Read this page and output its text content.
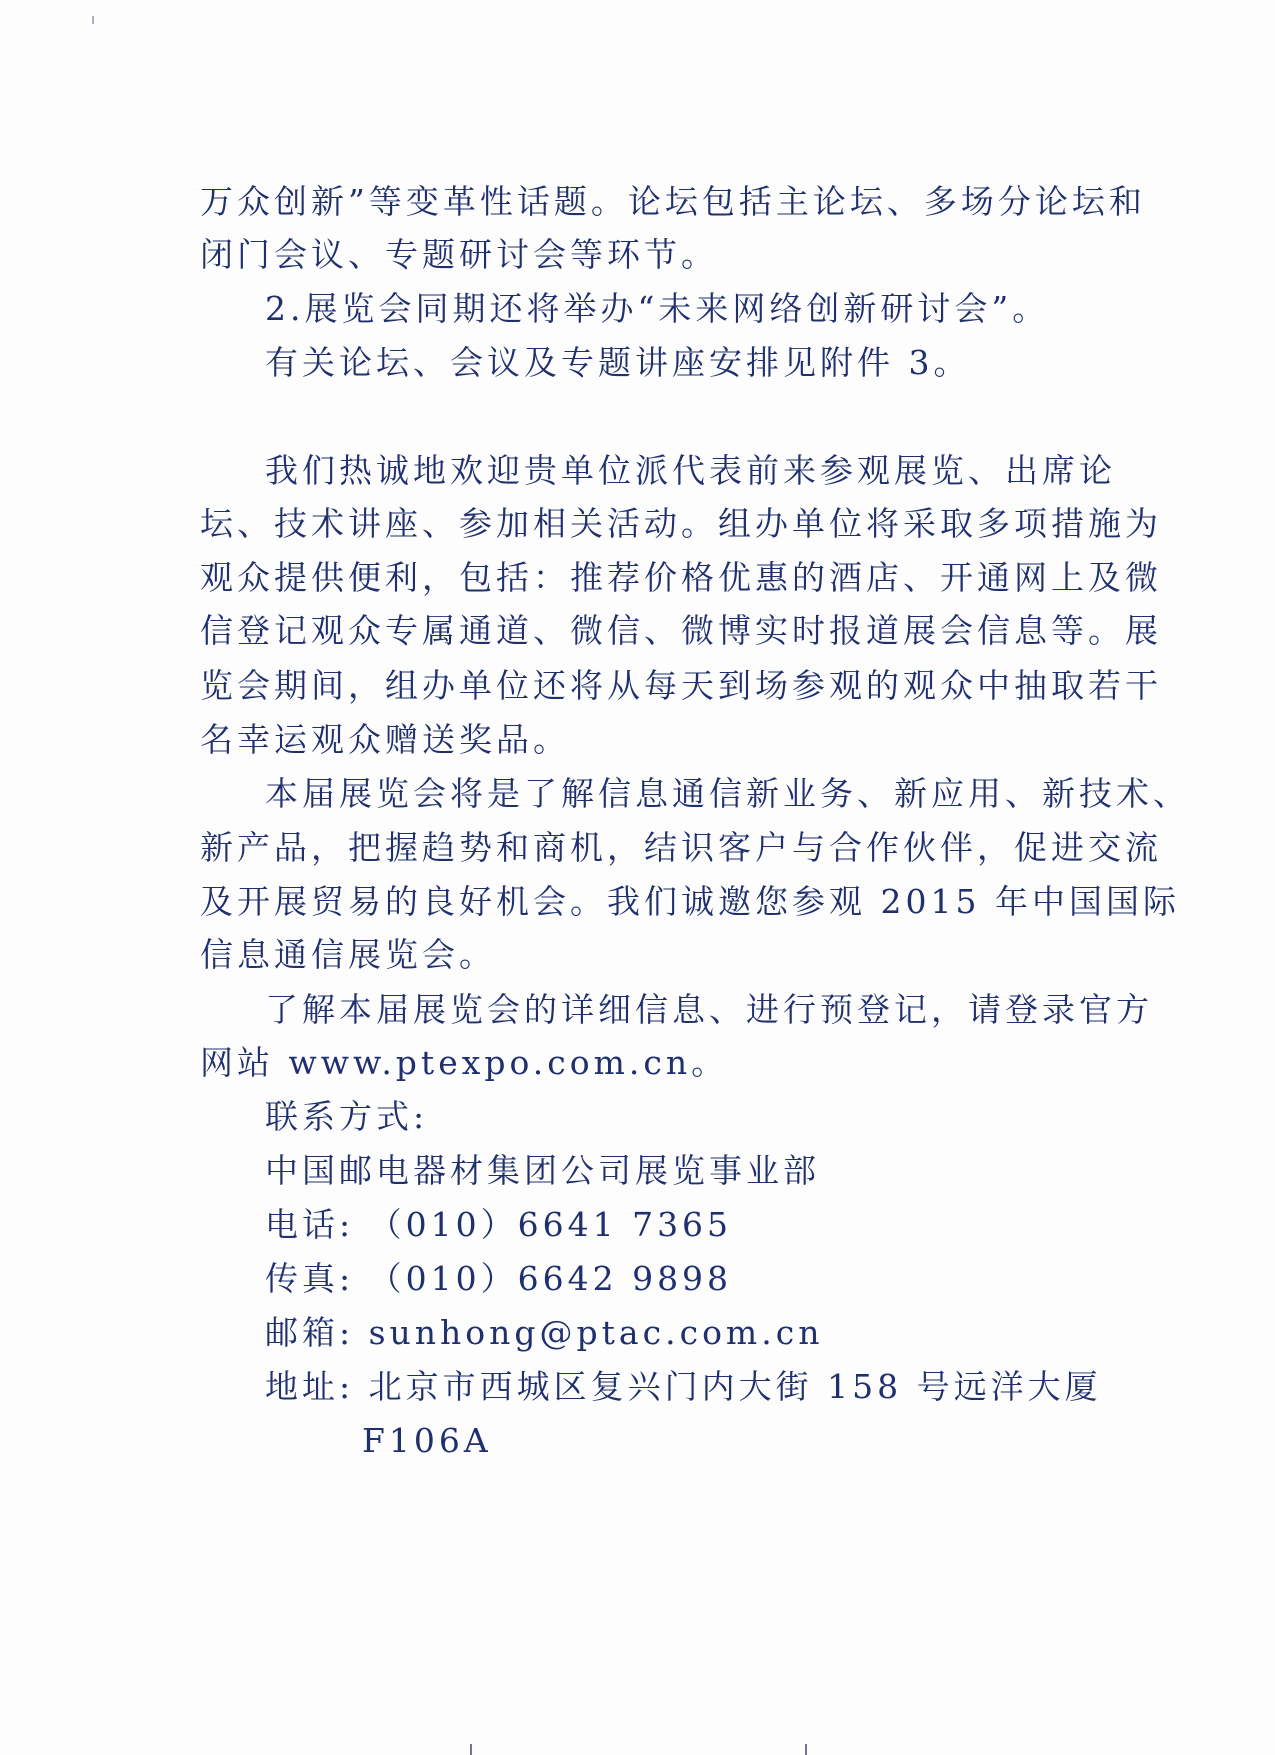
万众创新”等变革性话题。论坛包括主论坛、多场分论坛和
闭门会议、专题研讨会等环节。
2.展览会同期还将举办“未来网络创新研讨会”。
有关论坛、会议及专题讲座安排见附件 3。
我们热诚地欢迎贵单位派代表前来参观展览、出席论
坛、技术讲座、参加相关活动。组办单位将采取多项措施为
观众提供便利，包括：推荐价格优惠的酒店、开通网上及微
信登记观众专属通道、微信、微博实时报道展会信息等。展
览会期间，组办单位还将从每天到场参观的观众中抽取若干
名幸运观众赠送奖品。
本届展览会将是了解信息通信新业务、新应用、新技术、
新产品，把握趋势和商机，结识客户与合作伙伴，促进交流
及开展贸易的良好机会。我们诚邀您参观 2015 年中国国际
信息通信展览会。
了解本届展览会的详细信息、进行预登记，请登录官方
网站 www.ptexpo.com.cn。
联系方式:
中国邮电器材集团公司展览事业部
电话: （010）6641 7365
传真: （010）6642 9898
邮箱: sunhong@ptac.com.cn
地址: 北京市西城区复兴门内大街 158 号远洋大厦
F106A
